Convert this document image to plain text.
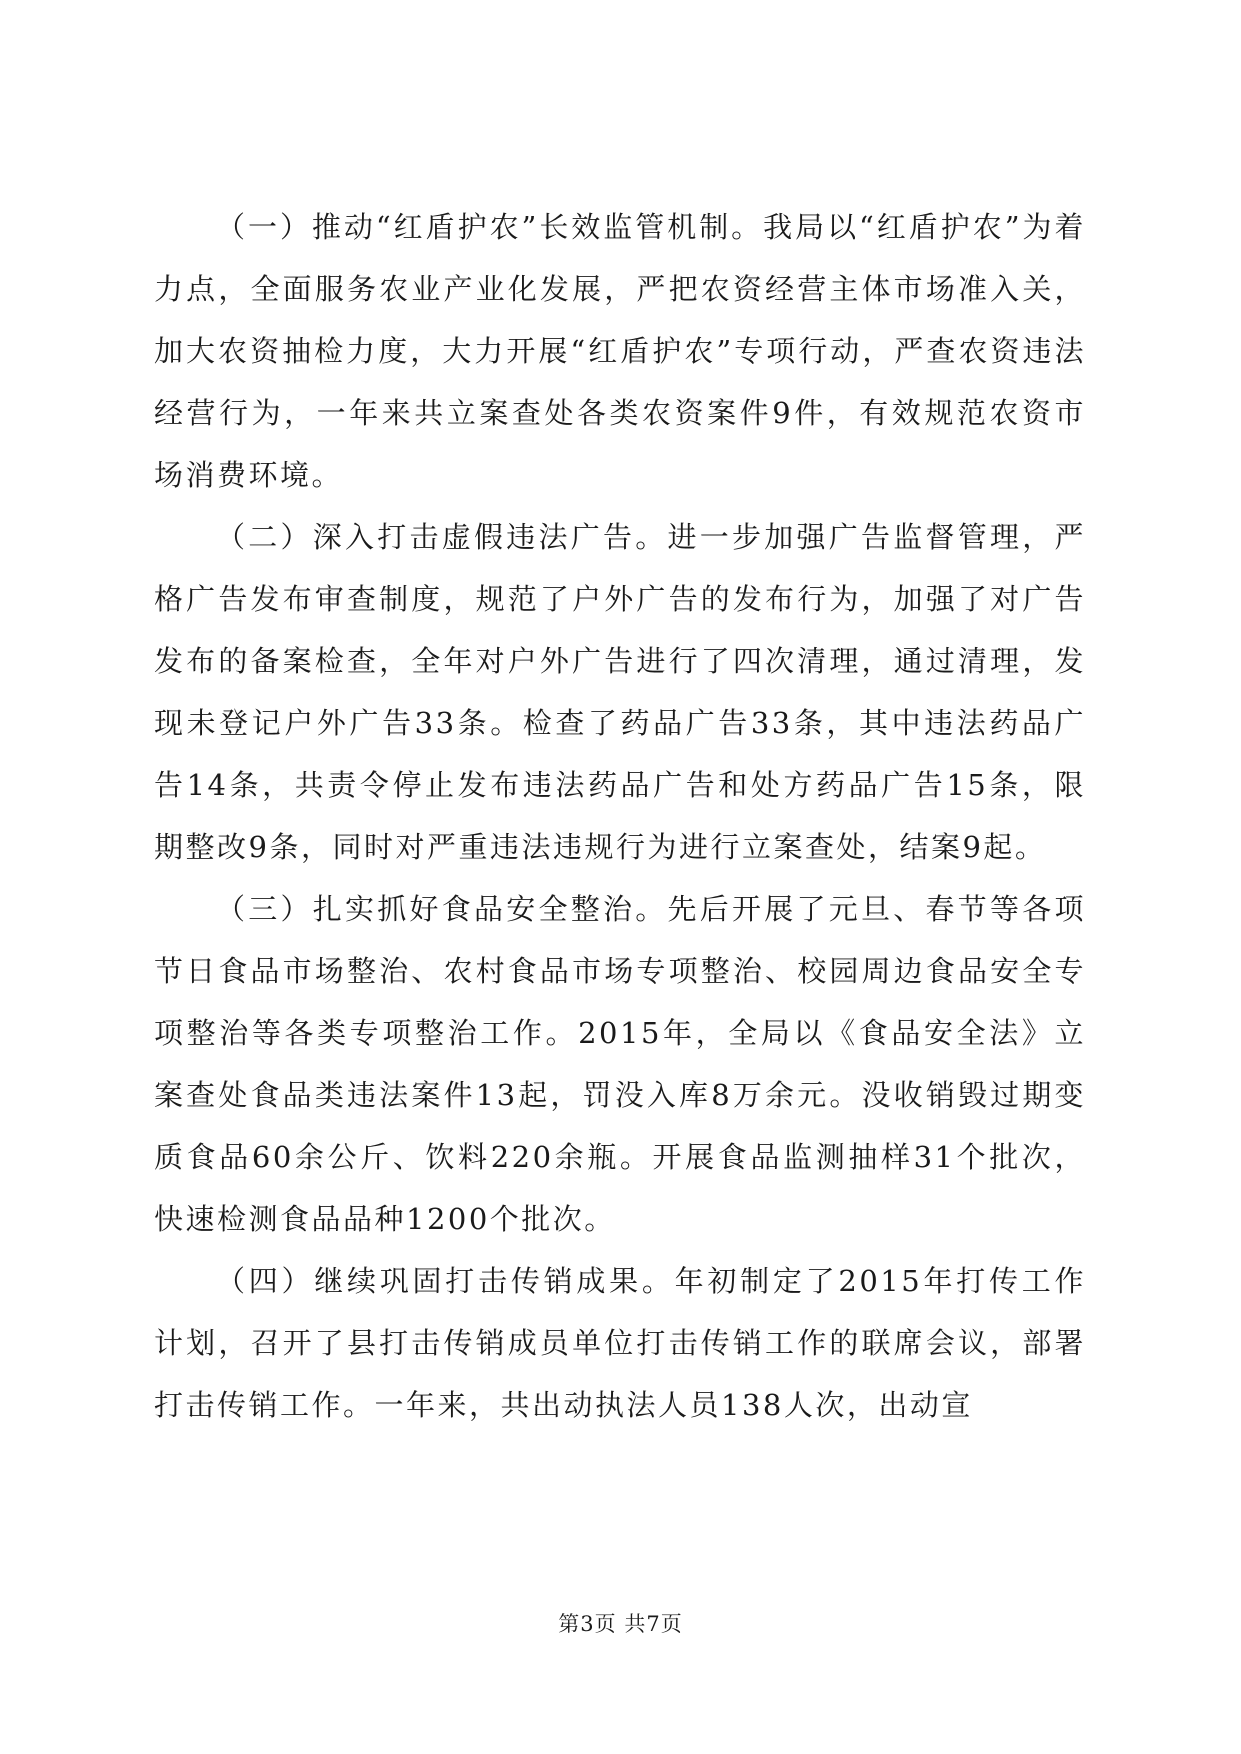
（一）推动“红盾护农”长效监管机制。我局以“红盾护农”为着力点，全面服务农业产业化发展，严把农资经营主体市场准入关，加大农资抽检力度，大力开展“红盾护农”专项行动，严查农资违法经营行为，一年来共立案查处各类农资案件9件，有效规范农资市场消费环境。

（二）深入打击虚假违法广告。进一步加强广告监督管理，严格广告发布审查制度，规范了户外广告的发布行为，加强了对广告发布的备案检查，全年对户外广告进行了四次清理，通过清理，发现未登记户外广告33条。检查了药品广告33条，其中违法药品广告14条，共责令停止发布违法药品广告和处方药品广告15条，限期整改9条，同时对严重违法违规行为进行立案查处，结案9起。

（三）扎实抓好食品安全整治。先后开展了元旦、春节等各项节日食品市场整治、农村食品市场专项整治、校园周边食品安全专项整治等各类专项整治工作。2015年，全局以《食品安全法》立案查处食品类违法案件13起，罚没入库8万余元。没收销毁过期变质食品60余公斤、饮料220余瓶。开展食品监测抽样31个批次，快速检测食品品种1200个批次。

（四）继续巩固打击传销成果。年初制定了2015年打传工作计划，召开了县打击传销成员单位打击传销工作的联席会议，部署打击传销工作。一年来，共出动执法人员138人次，出动宣

第3页 共7页
